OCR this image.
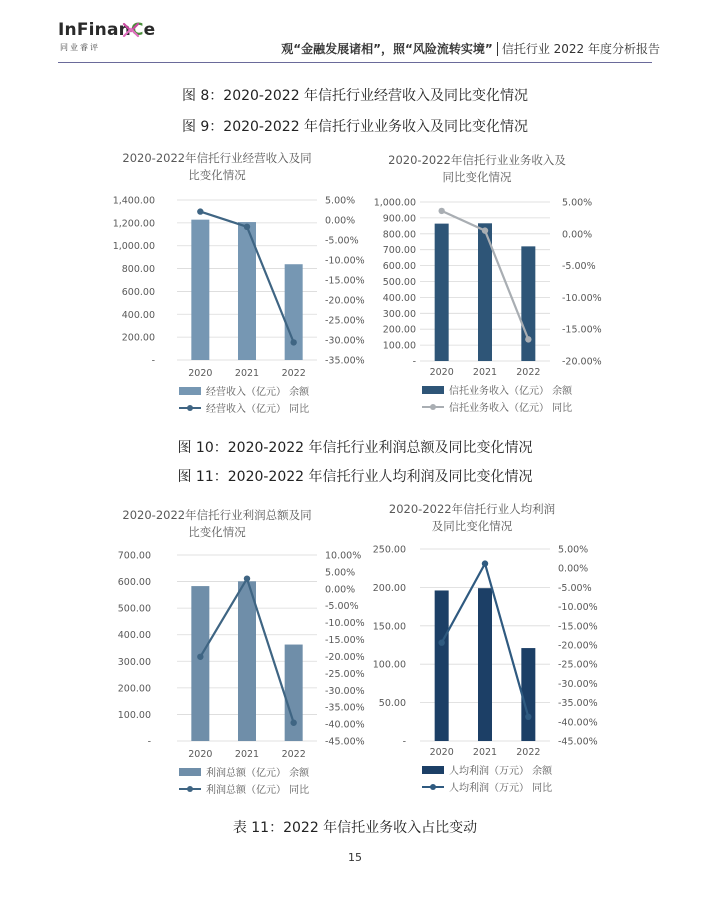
InFinanCe
同业睿评	观“金融发展诸相”，照“风险流转实境” 信托行业 2022 年度分析报告
图 8：2020-2022 年信托行业经营收入及同比变化情况
图 9：2020-2022 年信托行业业务收入及同比变化情况
2020-2022年信托行业经营收入及同
比变化情况
-
200.00
400.00
600.00
800.00
1,000.00
1,200.00
1,400.00
-35.00%
-30.00%
-25.00%
-20.00%
-15.00%
-10.00%
-5.00%
0.00%
5.00%
2020 2021 2022
经营收入（亿元） 余额
经营收入（亿元） 同比
2020-2022年信托行业业务收入及
同比变化情况
-
100.00
200.00
300.00
400.00
500.00
600.00
700.00
800.00
900.00
1,000.00
-20.00%
-15.00%
-10.00%
-5.00%
0.00%
5.00%
2020 2021 2022
信托业务收入（亿元） 余额
信托业务收入（亿元） 同比
图 10：2020-2022 年信托行业利润总额及同比变化情况
图 11：2020-2022 年信托行业人均利润及同比变化情况
2020-2022年信托行业利润总额及同
比变化情况
-
100.00
200.00
300.00
400.00
500.00
600.00
700.00
-45.00%
-40.00%
-35.00%
-30.00%
-25.00%
-20.00%
-15.00%
-10.00%
-5.00%
0.00%
5.00%
10.00%
2020 2021 2022
利润总额（亿元） 余额
利润总额（亿元） 同比
2020-2022年信托行业人均利润
及同比变化情况
-
50.00
100.00
150.00
200.00
250.00
-45.00%
-40.00%
-35.00%
-30.00%
-25.00%
-20.00%
-15.00%
-10.00%
-5.00%
0.00%
5.00%
2020 2021 2022
人均利润（万元） 余额
人均利润（万元） 同比
表 11：2022 年信托业务收入占比变动
15
